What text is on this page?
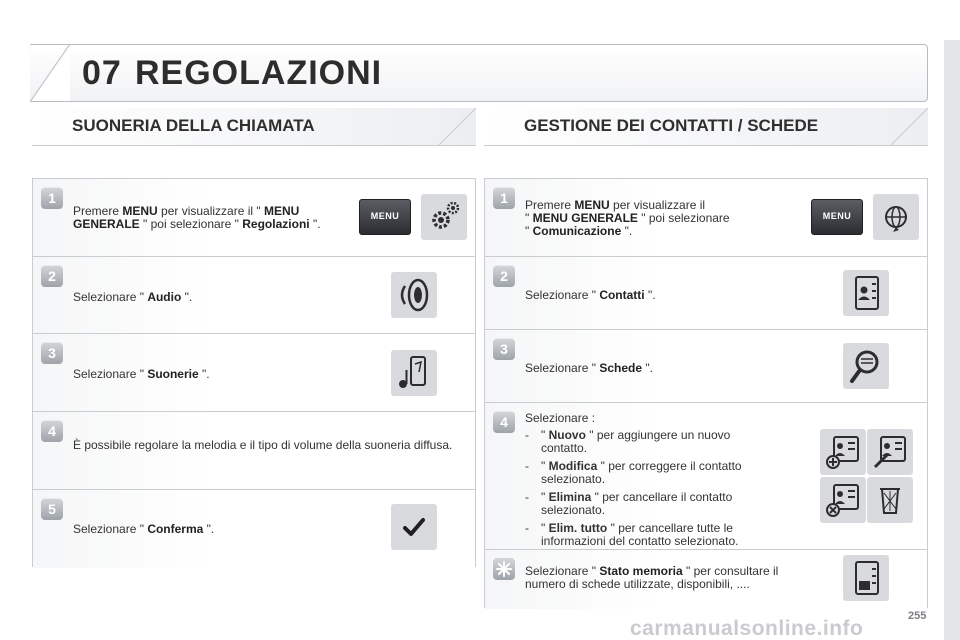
07 REGOLAZIONI
SUONERIA DELLA CHIAMATA
1
Premere MENU per visualizzare il " MENU GENERALE " poi selezionare " Regolazioni ".
MENU
2
Selezionare " Audio ".
3
Selezionare " Suonerie ".
4
È possibile regolare la melodia e il tipo di volume della suoneria diffusa.
5
Selezionare " Conferma ".
GESTIONE DEI CONTATTI / SCHEDE
1	Premere MENU per visualizzare il
" MENU GENERALE " poi selezionare
" Comunicazione ".
MENU
2
Selezionare " Contatti ".
3
Selezionare " Schede ".
4	Selezionare :
- " Nuovo " per aggiungere un nuovo contatto.
- " Modifica " per correggere il contatto selezionato.
- " Elimina " per cancellare il contatto selezionato.
- " Elim. tutto " per cancellare tutte le informazioni del contatto selezionato.
Selezionare " Stato memoria " per consultare il numero di schede utilizzate, disponibili, ....
255
carmanualsonline.info
